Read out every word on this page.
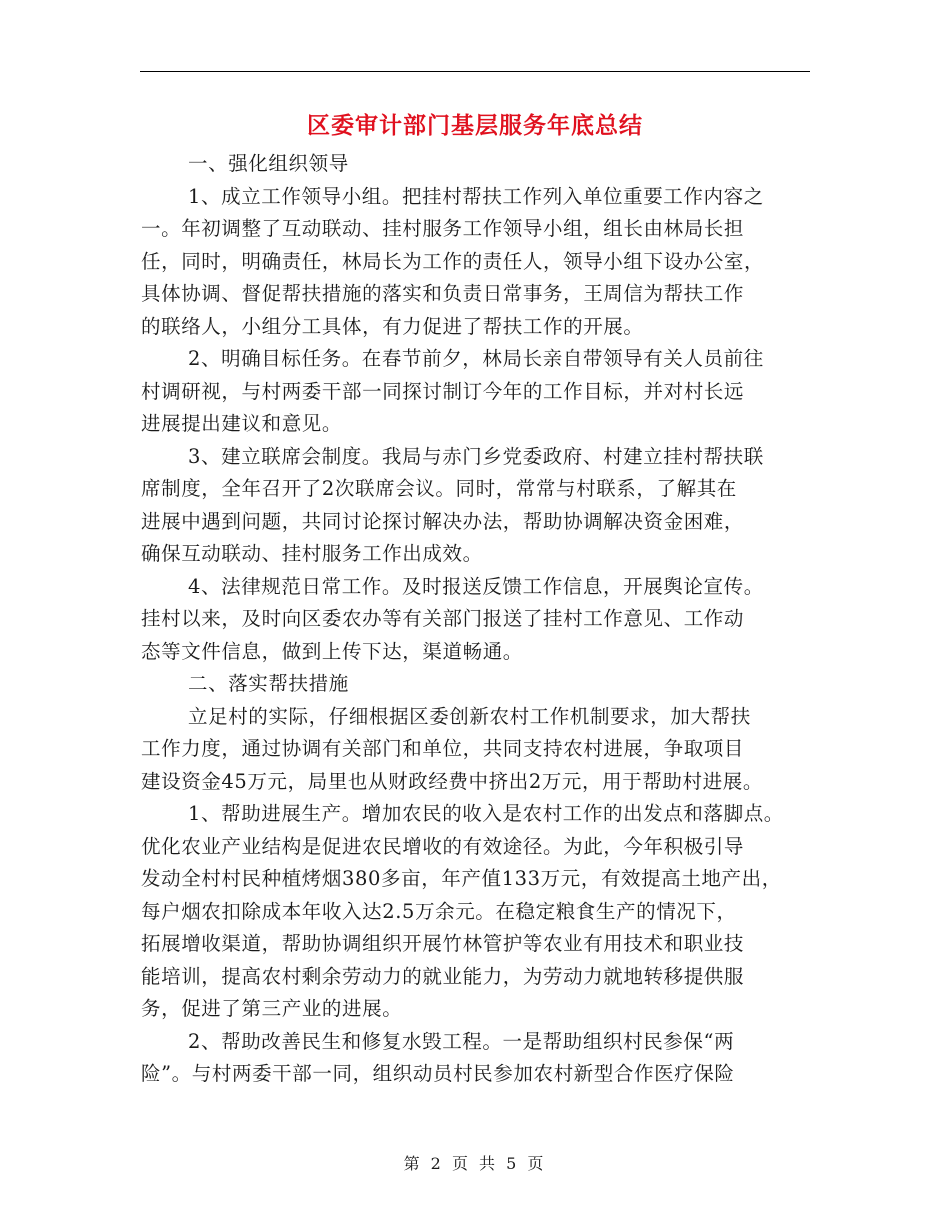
区委审计部门基层服务年底总结
一、强化组织领导
1、成立工作领导小组。把挂村帮扶工作列入单位重要工作内容之
一。年初调整了互动联动、挂村服务工作领导小组，组长由林局长担
任，同时，明确责任，林局长为工作的责任人，领导小组下设办公室，
具体协调、督促帮扶措施的落实和负责日常事务，王周信为帮扶工作
的联络人，小组分工具体，有力促进了帮扶工作的开展。
2、明确目标任务。在春节前夕，林局长亲自带领导有关人员前往
村调研视，与村两委干部一同探讨制订今年的工作目标，并对村长远
进展提出建议和意见。
3、建立联席会制度。我局与赤门乡党委政府、村建立挂村帮扶联
席制度，全年召开了2次联席会议。同时，常常与村联系，了解其在
进展中遇到问题，共同讨论探讨解决办法，帮助协调解决资金困难，
确保互动联动、挂村服务工作出成效。
4、法律规范日常工作。及时报送反馈工作信息，开展舆论宣传。
挂村以来，及时向区委农办等有关部门报送了挂村工作意见、工作动
态等文件信息，做到上传下达，渠道畅通。
二、落实帮扶措施
立足村的实际，仔细根据区委创新农村工作机制要求，加大帮扶
工作力度，通过协调有关部门和单位，共同支持农村进展，争取项目
建设资金45万元，局里也从财政经费中挤出2万元，用于帮助村进展。
1、帮助进展生产。增加农民的收入是农村工作的出发点和落脚点。
优化农业产业结构是促进农民增收的有效途径。为此，今年积极引导
发动全村村民种植烤烟380多亩，年产值133万元，有效提高土地产出，
每户烟农扣除成本年收入达2.5万余元。在稳定粮食生产的情况下，
拓展增收渠道，帮助协调组织开展竹林管护等农业有用技术和职业技
能培训，提高农村剩余劳动力的就业能力，为劳动力就地转移提供服
务，促进了第三产业的进展。
2、帮助改善民生和修复水毁工程。一是帮助组织村民参保“两
险”。与村两委干部一同，组织动员村民参加农村新型合作医疗保险
第 2 页 共 5 页
